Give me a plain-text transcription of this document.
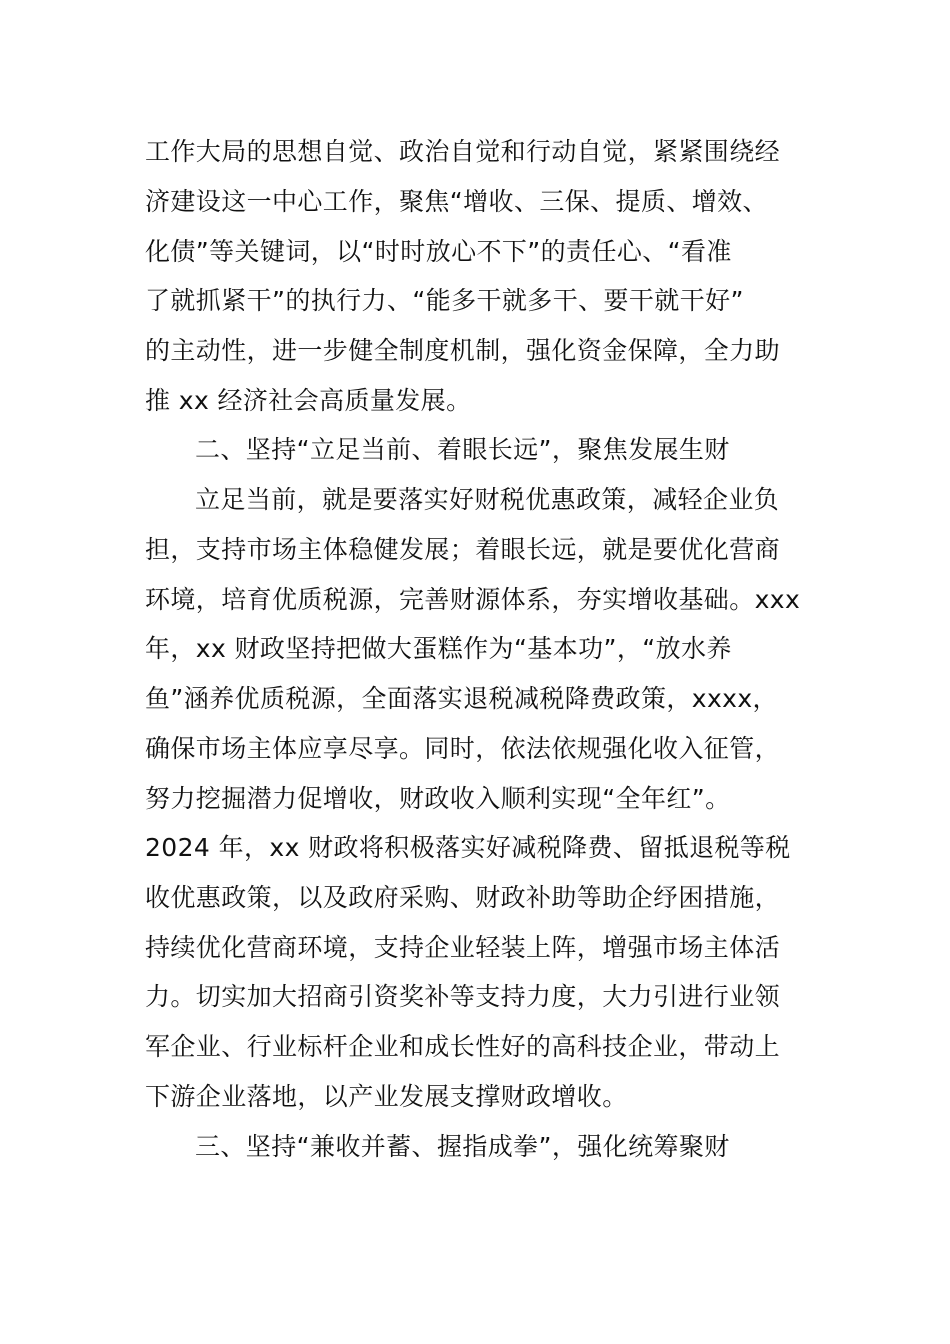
工作大局的思想自觉、政治自觉和行动自觉，紧紧围绕经
济建设这一中心工作，聚焦“增收、三保、提质、增效、
化债”等关键词，以“时时放心不下”的责任心、“看准
了就抓紧干”的执行力、“能多干就多干、要干就干好”
的主动性，进一步健全制度机制，强化资金保障，全力助
推 xx 经济社会高质量发展。
二、坚持“立足当前、着眼长远”，聚焦发展生财
立足当前，就是要落实好财税优惠政策，减轻企业负
担，支持市场主体稳健发展；着眼长远，就是要优化营商
环境，培育优质税源，完善财源体系，夯实增收基础。xxx
年，xx 财政坚持把做大蛋糕作为“基本功”，“放水养
鱼”涵养优质税源，全面落实退税减税降费政策，xxxx，
确保市场主体应享尽享。同时，依法依规强化收入征管，
努力挖掘潜力促增收，财政收入顺利实现“全年红”。
2024 年，xx 财政将积极落实好减税降费、留抵退税等税
收优惠政策，以及政府采购、财政补助等助企纾困措施，
持续优化营商环境，支持企业轻装上阵，增强市场主体活
力。切实加大招商引资奖补等支持力度，大力引进行业领
军企业、行业标杆企业和成长性好的高科技企业，带动上
下游企业落地，以产业发展支撑财政增收。
三、坚持“兼收并蓄、握指成拳”，强化统筹聚财
